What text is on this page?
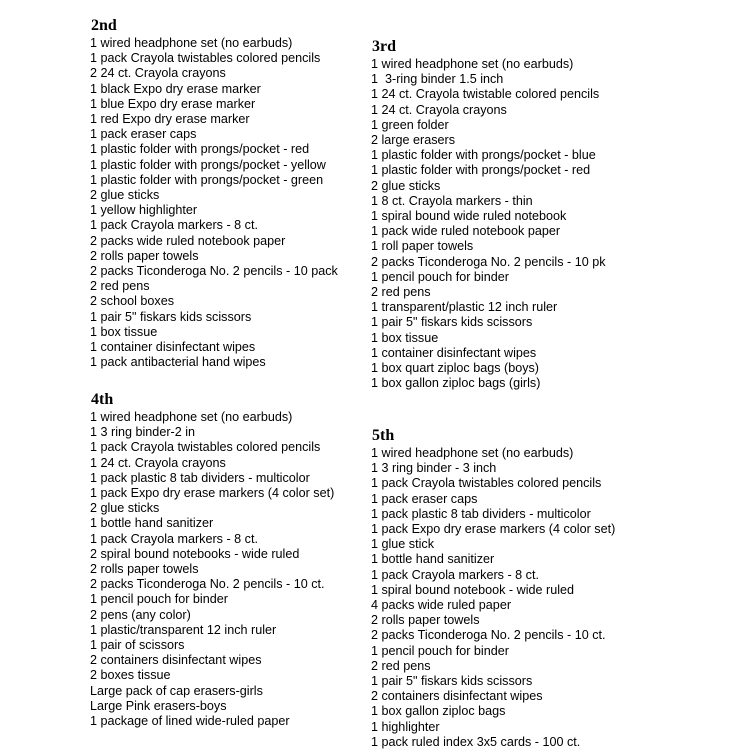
2nd
1 wired headphone set (no earbuds)
1 pack Crayola twistables colored pencils
2 24 ct. Crayola crayons
1 black Expo dry erase marker
1 blue Expo dry erase marker
1 red Expo dry erase marker
1 pack eraser caps
1 plastic folder with prongs/pocket - red
1 plastic folder with prongs/pocket - yellow
1 plastic folder with prongs/pocket - green
2 glue sticks
1 yellow highlighter
1 pack Crayola markers - 8 ct.
2 packs wide ruled notebook paper
2 rolls paper towels
2 packs Ticonderoga No. 2 pencils - 10 pack
2 red pens
2 school boxes
1 pair 5" fiskars kids scissors
1 box tissue
1 container disinfectant wipes
1 pack antibacterial hand wipes
3rd
1 wired headphone set (no earbuds)
1  3-ring binder 1.5 inch
1 24 ct. Crayola twistable colored pencils
1 24 ct. Crayola crayons
1 green folder
2 large erasers
1 plastic folder with prongs/pocket - blue
1 plastic folder with prongs/pocket - red
2 glue sticks
1 8 ct. Crayola markers - thin
1 spiral bound wide ruled notebook
1 pack wide ruled notebook paper
1 roll paper towels
2 packs Ticonderoga No. 2 pencils - 10 pk
1 pencil pouch for binder
2 red pens
1 transparent/plastic 12 inch ruler
1 pair 5" fiskars kids scissors
1 box tissue
1 container disinfectant wipes
1 box quart ziploc bags (boys)
1 box gallon ziploc bags (girls)
4th
1 wired headphone set (no earbuds)
1 3 ring binder-2 in
1 pack Crayola twistables colored pencils
1 24 ct. Crayola crayons
1 pack plastic 8 tab dividers - multicolor
1 pack Expo dry erase markers (4 color set)
2 glue sticks
1 bottle hand sanitizer
1 pack Crayola markers - 8 ct.
2 spiral bound notebooks - wide ruled
2 rolls paper towels
2 packs Ticonderoga No. 2 pencils - 10 ct.
1 pencil pouch for binder
2 pens (any color)
1 plastic/transparent 12 inch ruler
1 pair of scissors
2 containers disinfectant wipes
2 boxes tissue
Large pack of cap erasers-girls
Large Pink erasers-boys
1 package of lined wide-ruled paper
5th
1 wired headphone set (no earbuds)
1 3 ring binder - 3 inch
1 pack Crayola twistables colored pencils
1 pack eraser caps
1 pack plastic 8 tab dividers - multicolor
1 pack Expo dry erase markers (4 color set)
1 glue stick
1 bottle hand sanitizer
1 pack Crayola markers - 8 ct.
1 spiral bound notebook - wide ruled
4 packs wide ruled paper
2 rolls paper towels
2 packs Ticonderoga No. 2 pencils - 10 ct.
1 pencil pouch for binder
2 red pens
1 pair 5" fiskars kids scissors
2 containers disinfectant wipes
1 box gallon ziploc bags
1 highlighter
1 pack ruled index 3x5 cards - 100 ct.
